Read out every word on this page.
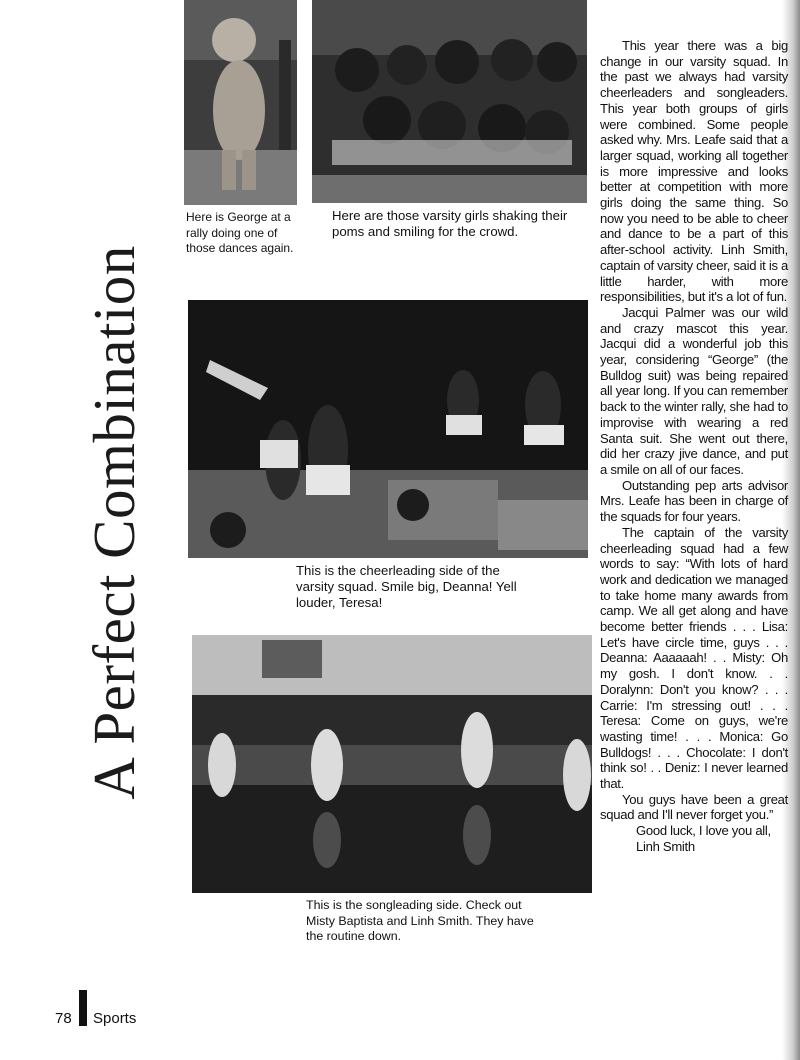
Here is George at a rally doing one of those dances again.

Here are those varsity girls shaking their poms and smiling for the crowd.

This is the cheerleading side of the varsity squad. Smile big, Deanna! Yell louder, Teresa!

This is the songleading side. Check out Misty Baptista and Linh Smith. They have the routine down.

A Perfect Combination

This year there was a big change in our varsity squad. In the past we always had varsity cheerleaders and songleaders. This year both groups of girls were combined. Some people asked why. Mrs. Leafe said that a larger squad, working all together is more impressive and looks better at competition with more girls doing the same thing. So now you need to be able to cheer and dance to be a part of this after-school activity. Linh Smith, captain of varsity cheer, said it is a little harder, with more responsibilities, but it's a lot of fun.

Jacqui Palmer was our wild and crazy mascot this year. Jacqui did a wonderful job this year, considering “George” (the Bulldog suit) was being repaired all year long. If you can remember back to the winter rally, she had to improvise with wearing a red Santa suit. She went out there, did her crazy jive dance, and put a smile on all of our faces.

Outstanding pep arts advisor Mrs. Leafe has been in charge of the squads for four years.

The captain of the varsity cheerleading squad had a few words to say: “With lots of hard work and dedication we managed to take home many awards from camp. We all get along and have become better friends . . . Lisa: Let's have circle time, guys . . . Deanna: Aaaaaah! . . Misty: Oh my gosh. I don't know. . . Doralynn: Don't you know? . . . Carrie: I'm stressing out! . . . Teresa: Come on guys, we're wasting time! . . . Monica: Go Bulldogs! . . . Chocolate: I don't think so! . . Deniz: I never learned that.

You guys have been a great squad and I'll never forget you.”

Good luck, I love you all,

Linh Smith

78 Sports
